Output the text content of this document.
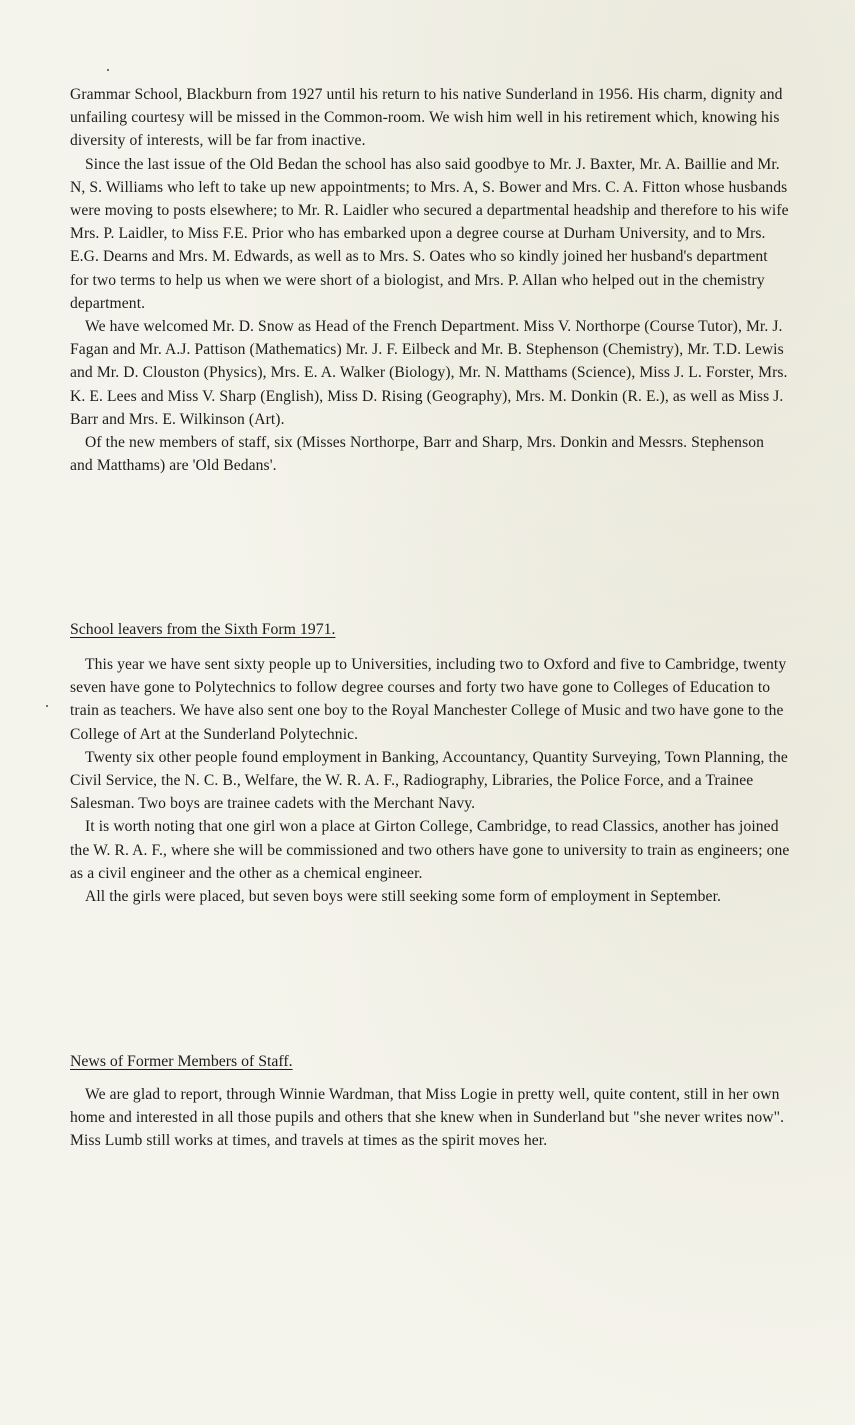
Grammar School, Blackburn from 1927 until his return to his native Sunderland in 1956. His charm, dignity and unfailing courtesy will be missed in the Common-room. We wish him well in his retirement which, knowing his diversity of interests, will be far from inactive.

Since the last issue of the Old Bedan the school has also said goodbye to Mr. J. Baxter, Mr. A. Baillie and Mr. N, S. Williams who left to take up new appointments; to Mrs. A, S. Bower and Mrs. C. A. Fitton whose husbands were moving to posts elsewhere; to Mr. R. Laidler who secured a departmental headship and therefore to his wife Mrs. P. Laidler, to Miss F.E. Prior who has embarked upon a degree course at Durham University, and to Mrs. E.G. Dearns and Mrs. M. Edwards, as well as to Mrs. S. Oates who so kindly joined her husband's department for two terms to help us when we were short of a biologist, and Mrs. P. Allan who helped out in the chemistry department.

We have welcomed Mr. D. Snow as Head of the French Department. Miss V. Northorpe (Course Tutor), Mr. J. Fagan and Mr. A.J. Pattison (Mathematics) Mr. J. F. Eilbeck and Mr. B. Stephenson (Chemistry), Mr. T.D. Lewis and Mr. D. Clouston (Physics), Mrs. E. A. Walker (Biology), Mr. N. Matthams (Science), Miss J. L. Forster, Mrs. K. E. Lees and Miss V. Sharp (English), Miss D. Rising (Geography), Mrs. M. Donkin (R. E.), as well as Miss J. Barr and Mrs. E. Wilkinson (Art).

Of the new members of staff, six (Misses Northorpe, Barr and Sharp, Mrs. Donkin and Messrs. Stephenson and Matthams) are 'Old Bedans'.

School leavers from the Sixth Form 1971.

This year we have sent sixty people up to Universities, including two to Oxford and five to Cambridge, twenty seven have gone to Polytechnics to follow degree courses and forty two have gone to Colleges of Education to train as teachers. We have also sent one boy to the Royal Manchester College of Music and two have gone to the College of Art at the Sunderland Polytechnic.

Twenty six other people found employment in Banking, Accountancy, Quantity Surveying, Town Planning, the Civil Service, the N. C. B., Welfare, the W. R. A. F., Radiography, Libraries, the Police Force, and a Trainee Salesman. Two boys are trainee cadets with the Merchant Navy.

It is worth noting that one girl won a place at Girton College, Cambridge, to read Classics, another has joined the W. R. A. F., where she will be commissioned and two others have gone to university to train as engineers; one as a civil engineer and the other as a chemical engineer.

All the girls were placed, but seven boys were still seeking some form of employment in September.

News of Former Members of Staff.

We are glad to report, through Winnie Wardman, that Miss Logie in pretty well, quite content, still in her own home and interested in all those pupils and others that she knew when in Sunderland but "she never writes now". Miss Lumb still works at times, and travels at times as the spirit moves her.
